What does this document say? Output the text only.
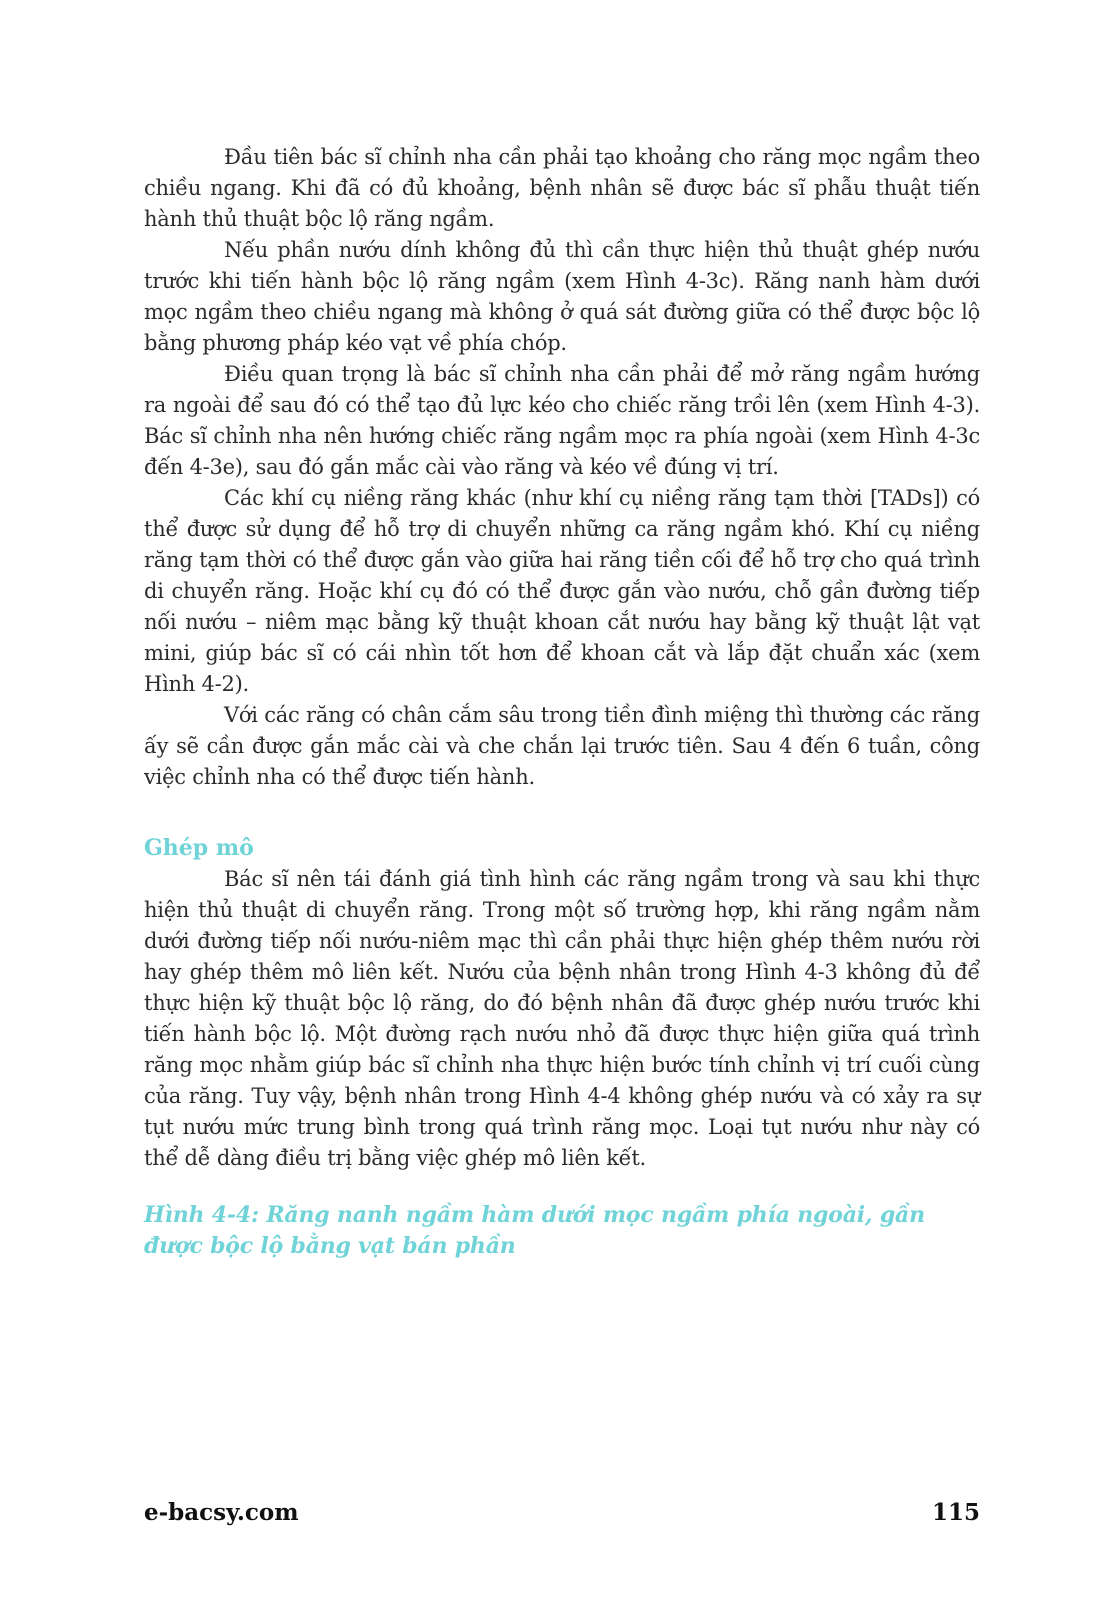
Đầu tiên bác sĩ chỉnh nha cần phải tạo khoảng cho răng mọc ngầm theo chiều ngang. Khi đã có đủ khoảng, bệnh nhân sẽ được bác sĩ phẫu thuật tiến hành thủ thuật bộc lộ răng ngầm.

Nếu phần nướu dính không đủ thì cần thực hiện thủ thuật ghép nướu trước khi tiến hành bộc lộ răng ngầm (xem Hình 4-3c). Răng nanh hàm dưới mọc ngầm theo chiều ngang mà không ở quá sát đường giữa có thể được bộc lộ bằng phương pháp kéo vạt về phía chóp.

Điều quan trọng là bác sĩ chỉnh nha cần phải để mở răng ngầm hướng ra ngoài để sau đó có thể tạo đủ lực kéo cho chiếc răng trồi lên (xem Hình 4-3). Bác sĩ chỉnh nha nên hướng chiếc răng ngầm mọc ra phía ngoài (xem Hình 4-3c đến 4-3e), sau đó gắn mắc cài vào răng và kéo về đúng vị trí.

Các khí cụ niềng răng khác (như khí cụ niềng răng tạm thời [TADs]) có thể được sử dụng để hỗ trợ di chuyển những ca răng ngầm khó. Khí cụ niềng răng tạm thời có thể được gắn vào giữa hai răng tiền cối để hỗ trợ cho quá trình di chuyển răng. Hoặc khí cụ đó có thể được gắn vào nướu, chỗ gần đường tiếp nối nướu – niêm mạc bằng kỹ thuật khoan cắt nướu hay bằng kỹ thuật lật vạt mini, giúp bác sĩ có cái nhìn tốt hơn để khoan cắt và lắp đặt chuẩn xác (xem Hình 4-2).

Với các răng có chân cắm sâu trong tiền đình miệng thì thường các răng ấy sẽ cần được gắn mắc cài và che chắn lại trước tiên. Sau 4 đến 6 tuần, công việc chỉnh nha có thể được tiến hành.

Ghép mô

Bác sĩ nên tái đánh giá tình hình các răng ngầm trong và sau khi thực hiện thủ thuật di chuyển răng. Trong một số trường hợp, khi răng ngầm nằm dưới đường tiếp nối nướu-niêm mạc thì cần phải thực hiện ghép thêm nướu rời hay ghép thêm mô liên kết. Nướu của bệnh nhân trong Hình 4-3 không đủ để thực hiện kỹ thuật bộc lộ răng, do đó bệnh nhân đã được ghép nướu trước khi tiến hành bộc lộ. Một đường rạch nướu nhỏ đã được thực hiện giữa quá trình răng mọc nhằm giúp bác sĩ chỉnh nha thực hiện bước tính chỉnh vị trí cuối cùng của răng. Tuy vậy, bệnh nhân trong Hình 4-4 không ghép nướu và có xảy ra sự tụt nướu mức trung bình trong quá trình răng mọc. Loại tụt nướu như này có thể dễ dàng điều trị bằng việc ghép mô liên kết.

Hình 4-4: Răng nanh ngầm hàm dưới mọc ngầm phía ngoài, gần được bộc lộ bằng vạt bán phần

e-bacsy.com	115
